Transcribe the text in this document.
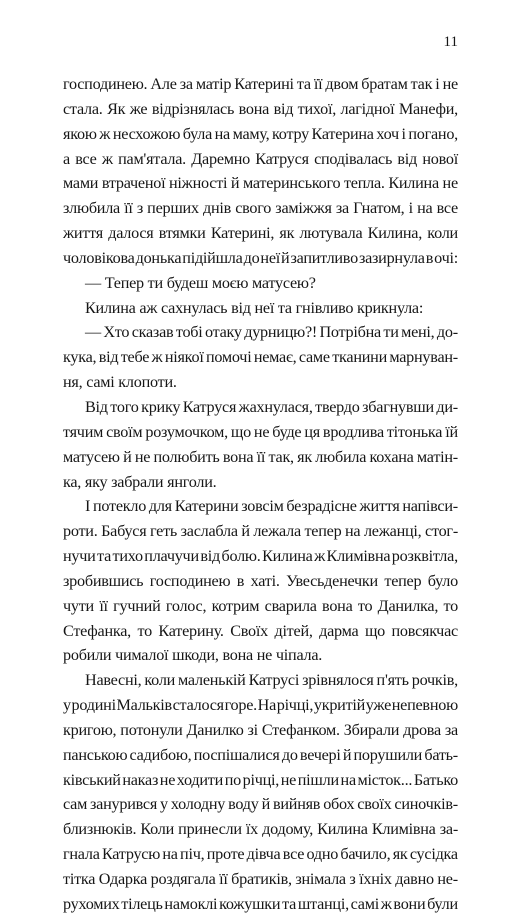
11
господинею. Але за матір Катерині та її двом братам так і не
стала. Як же відрізнялась вона від тихої, лагідної Манефи,
якою ж несхожою була на маму, котру Катерина хоч і погано,
а все ж пам'ятала. Даремно Катруся сподівалась від нової
мами втраченої ніжності й материнського тепла. Килина не
злюбила її з перших днів свого заміжжя за Гнатом, і на все
життя далося втямки Катерині, як лютувала Килина, коли
чоловікова донька підійшла до неї й запитливо зазирнула в очі:
— Тепер ти будеш моєю матусею?
Килина аж сахнулась від неї та гнівливо крикнула:
— Хто сказав тобі отаку дурницю?! Потрібна ти мені, до-
кука, від тебе ж ніякої помочі немає, саме тканини марнуван-
ня, самі клопоти.
Від того крику Катруся жахнулася, твердо збагнувши ди-
тячим своїм розумочком, що не буде ця вродлива тітонька їй
матусею й не полюбить вона її так, як любила кохана матін-
ка, яку забрали янголи.
І потекло для Катерини зовсім безрадісне життя напівси-
роти. Бабуся геть заслабла й лежала тепер на лежанці, стог-
нучи та тихо плачучи від болю. Килина ж Климівна розквітла,
зробившись господинею в хаті. Увесьденечки тепер було
чути її гучний голос, котрим сварила вона то Данилка, то
Стефанка, то Катерину. Своїх дітей, дарма що повсякчас
робили чималої шкоди, вона не чіпала.
Навесні, коли маленькій Катрусі зрівнялося п'ять рочків,
у родині Мальків сталося горе. На річці, укритій уже непевною
кригою, потонули Данилко зі Стефанком. Збирали дрова за
панською садибою, поспішалися до вечері й порушили бать-
ківський наказ не ходити по річці, не пішли на місток... Батько
сам занурився у холодну воду й вийняв обох своїх синочків-
близнюків. Коли принесли їх додому, Килина Климівна за-
гнала Катрусю на піч, проте дівча все одно бачило, як сусідка
тітка Одарка роздягала її братиків, знімала з їхніх давно не-
рухомих тілець намоклі кожушки та штанці, самі ж вони були
